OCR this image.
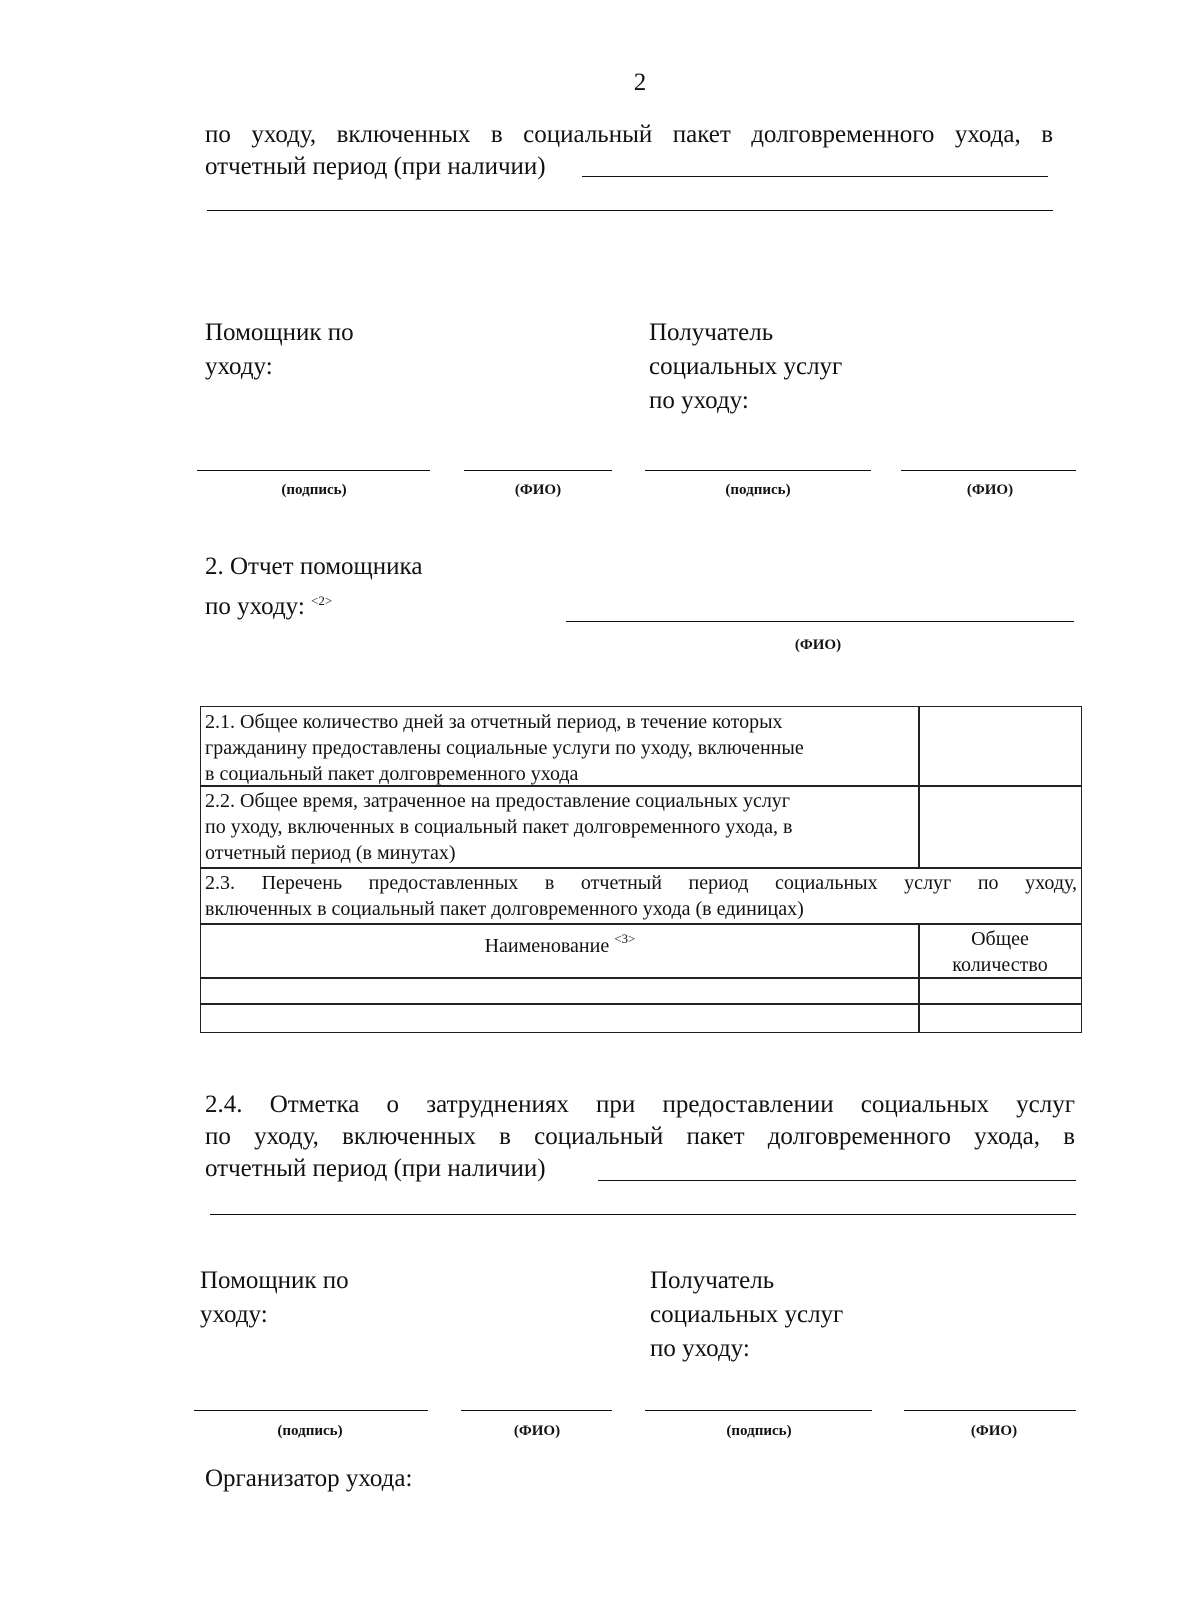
2
по уходу, включенных в социальный пакет долговременного ухода, в
отчетный период (при наличии)
Помощник по
уходу:
Получатель
социальных услуг
по уходу:
(подпись)	(ФИО)	(подпись)	(ФИО)
2. Отчет помощника
по уходу: $^{<2>}$
(ФИО)
2.1. Общее количество дней за отчетный период, в течение которых
гражданину предоставлены социальные услуги по уходу, включенные
в социальный пакет долговременного ухода
2.2. Общее время, затраченное на предоставление социальных услуг
по уходу, включенных в социальный пакет долговременного ухода, в
отчетный период (в минутах)
2.3. Перечень предоставленных в отчетный период социальных услуг по уходу,
включенных в социальный пакет долговременного ухода (в единицах)
Наименование $^{<3>}$	Общее
количество
2.4. Отметка о затруднениях при предоставлении социальных услуг
по уходу, включенных в социальный пакет долговременного ухода, в
отчетный период (при наличии)
Помощник по
уходу:
Получатель
социальных услуг
по уходу:
(подпись)	(ФИО)	(подпись)	(ФИО)
Организатор ухода:
